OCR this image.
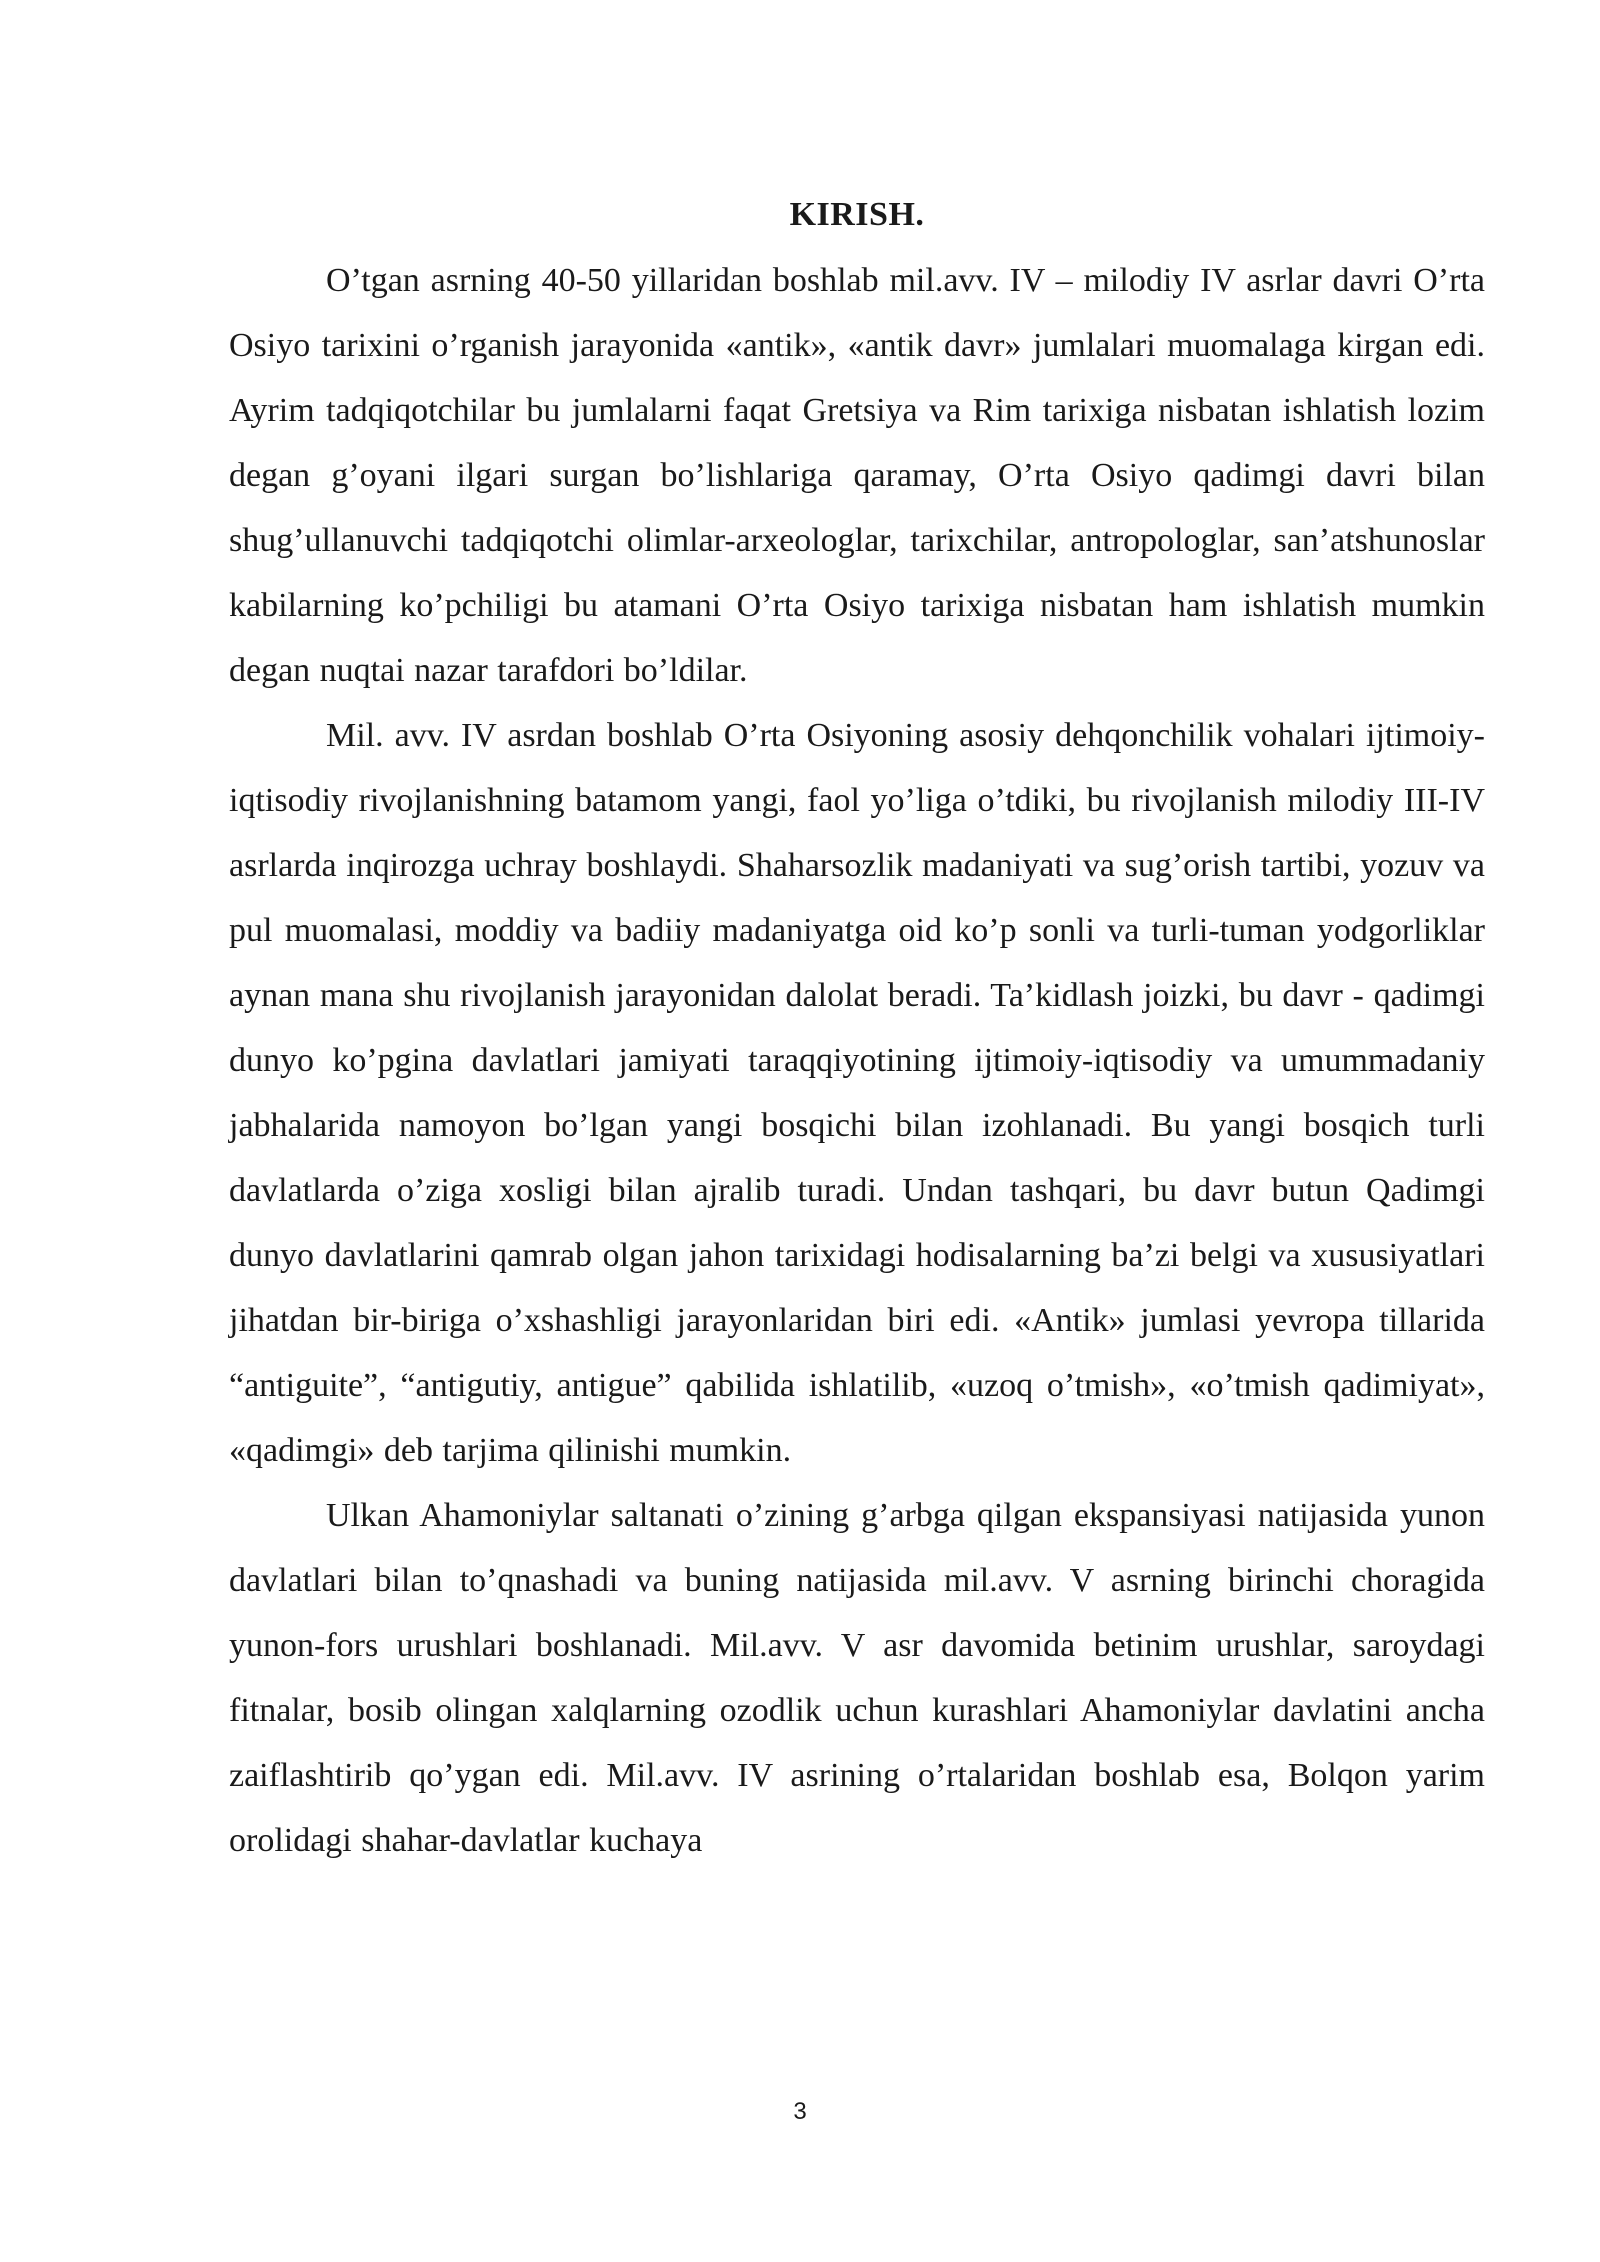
KIRISH.

O’tgan asrning 40-50 yillaridan boshlab mil.avv. IV – milodiy IV asrlar davri O’rta Osiyo tarixini o’rganish jarayonida «antik», «antik davr» jumlalari muomalaga kirgan edi. Ayrim tadqiqotchilar bu jumlalarni faqat Gretsiya va Rim tarixiga nisbatan ishlatish lozim degan g’oyani ilgari surgan bo’lishlariga qaramay, O’rta Osiyo qadimgi davri bilan shug’ullanuvchi tadqiqotchi olimlar-arxeologlar, tarixchilar, antropologlar, san’atshunoslar kabilarning ko’pchiligi bu atamani O’rta Osiyo tarixiga nisbatan ham ishlatish mumkin degan nuqtai nazar tarafdori bo’ldilar.

Mil. avv. IV asrdan boshlab O’rta Osiyoning asosiy dehqonchilik vohalari ijtimoiy-iqtisodiy rivojlanishning batamom yangi, faol yo’liga o’tdiki, bu rivojlanish milodiy III-IV asrlarda inqirozga uchray boshlaydi. Shaharsozlik madaniyati va sug’orish tartibi, yozuv va pul muomalasi, moddiy va badiiy madaniyatga oid ko’p sonli va turli-tuman yodgorliklar aynan mana shu rivojlanish jarayonidan dalolat beradi. Ta’kidlash joizki, bu davr - qadimgi dunyo ko’pgina davlatlari jamiyati taraqqiyotining ijtimoiy-iqtisodiy va umummadaniy jabhalarida namoyon bo’lgan yangi bosqichi bilan izohlanadi. Bu yangi bosqich turli davlatlarda o’ziga xosligi bilan ajralib turadi. Undan tashqari, bu davr butun Qadimgi dunyo davlatlarini qamrab olgan jahon tarixidagi hodisalarning ba’zi belgi va xususiyatlari jihatdan bir-biriga o’xshashligi jarayonlaridan biri edi. «Antik» jumlasi yevropa tillarida “antiguite”, “antigutiy, antigue” qabilida ishlatilib, «uzoq o’tmish», «o’tmish qadimiyat», «qadimgi» deb tarjima qilinishi mumkin.

Ulkan Ahamoniylar saltanati o’zining g’arbga qilgan ekspansiyasi natijasida yunon davlatlari bilan to’qnashadi va buning natijasida mil.avv. V asrning birinchi choragida yunon-fors urushlari boshlanadi. Mil.avv. V asr davomida betinim urushlar, saroydagi fitnalar, bosib olingan xalqlarning ozodlik uchun kurashlari Ahamoniylar davlatini ancha zaiflashtirib qo’ygan edi. Mil.avv. IV asrining o’rtalaridan boshlab esa, Bolqon yarim orolidagi shahar-davlatlar kuchaya

3
